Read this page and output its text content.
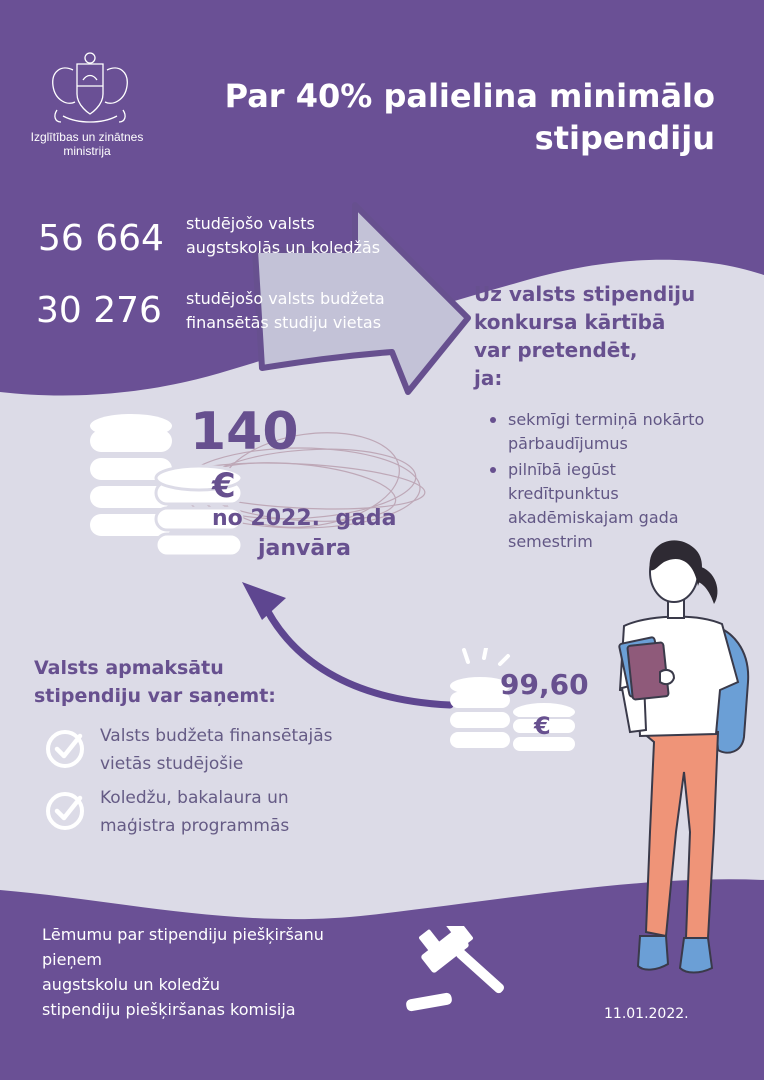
Izglītības un zinātnes
ministrija
Par 40% palielina minimālo
stipendiju
56 664 studējošo valsts
augstskolās un koledžās
30 276 studējošo valsts budžeta
finansētās studiju vietas
Uz valsts stipendiju
konkursa kārtībā
var pretendēt,
ja:
sekmīgi termiņā nokārto
pārbaudījumus
pilnībā iegūst
kredītpunktus
akadēmiskajam gada
semestrim
140
€
no 2022.  gada
janvāra
99,60
€
Valsts apmaksātu
stipendiju var saņemt:
Valsts budžeta finansētajās
vietās studējošie
Koledžu, bakalaura un
maģistra programmās
Lēmumu par stipendiju piešķiršanu
pieņem
augstskolu un koledžu
stipendiju piešķiršanas komisija	11.01.2022.
